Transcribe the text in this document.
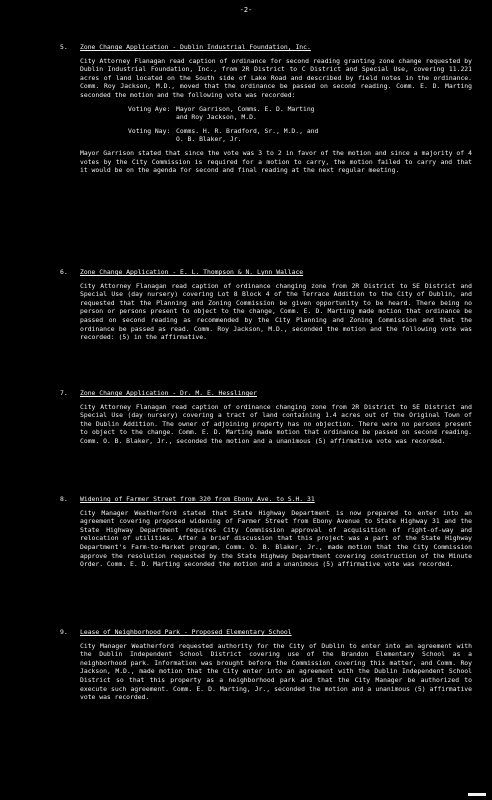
-2-
5. Zone Change Application - Dublin Industrial Foundation, Inc.
City Attorney Flanagan read caption of ordinance for second reading granting zone change requested by Dublin Industrial Foundation, Inc., from 2R District to C District and Special Use, covering 11.221 acres of land located on the South side of Lake Road and described by field notes in the ordinance. Comm. Roy Jackson, M.D., moved that the ordinance be passed on second reading. Comm. E. D. Marting seconded the motion and the following vote was recorded:
Voting Aye: Mayor Garrison, Comms. E. D. Marting
and Roy Jackson, M.D.
Voting Nay: Comms. H. R. Bradford, Sr., M.D., and
O. B. Blaker, Jr.
Mayor Garrison stated that since the vote was 3 to 2 in favor of the motion and since a majority of 4 votes by the City Commission is required for a motion to carry, the motion failed to carry and that it would be on the agenda for second and final reading at the next regular meeting.
6. Zone Change Application - E. L. Thompson & N. Lynn Wallace
City Attorney Flanagan read caption of ordinance changing zone from 2R District to SE District and Special Use (day nursery) covering Lot 8 Block 4 of the Terrace Addition to the City of Dublin, and requested that the Planning and Zoning Commission be given opportunity to be heard. There being no person or persons present to object to the change, Comm. E. D. Marting made motion that ordinance be passed on second reading as recommended by the City Planning and Zoning Commission and that the ordinance be passed as read. Comm. Roy Jackson, M.D., seconded the motion and the following vote was recorded: (5) in the affirmative.
7. Zone Change Application - Dr. M. E. Hesslinger
City Attorney Flanagan read caption of ordinance changing zone from 2R District to SE District and Special Use (day nursery) covering a tract of land containing 1.4 acres out of the Original Town of the Dublin Addition. The owner of adjoining property has no objection. There were no persons present to object to the change. Comm. E. D. Marting made motion that ordinance be passed on second reading. Comm. O. B. Blaker, Jr., seconded the motion and a unanimous (5) affirmative vote was recorded.
8. Widening of Farmer Street from 320 from Ebony Ave. to S.H. 31
City Manager Weatherford stated that State Highway Department is now prepared to enter into an agreement covering proposed widening of Farmer Street from Ebony Avenue to State Highway 31 and the State Highway Department requires City Commission approval of acquisition of right-of-way and relocation of utilities. After a brief discussion that this project was a part of the State Highway Department's Farm-to-Market program, Comm. O. B. Blaker, Jr., made motion that the City Commission approve the resolution requested by the State Highway Department covering construction of the Minute Order. Comm. E. D. Marting seconded the motion and a unanimous (5) affirmative vote was recorded.
9. Lease of Neighborhood Park - Proposed Elementary School
City Manager Weatherford requested authority for the City of Dublin to enter into an agreement with the Dublin Independent School District covering use of the Brandon Elementary School as a neighborhood park. Information was brought before the Commission covering this matter, and Comm. Roy Jackson, M.D., made motion that the City enter into an agreement with the Dublin Independent School District so that this property as a neighborhood park and that the City Manager be authorized to execute such agreement. Comm. E. D. Marting, Jr., seconded the motion and a unanimous (5) affirmative vote was recorded.
